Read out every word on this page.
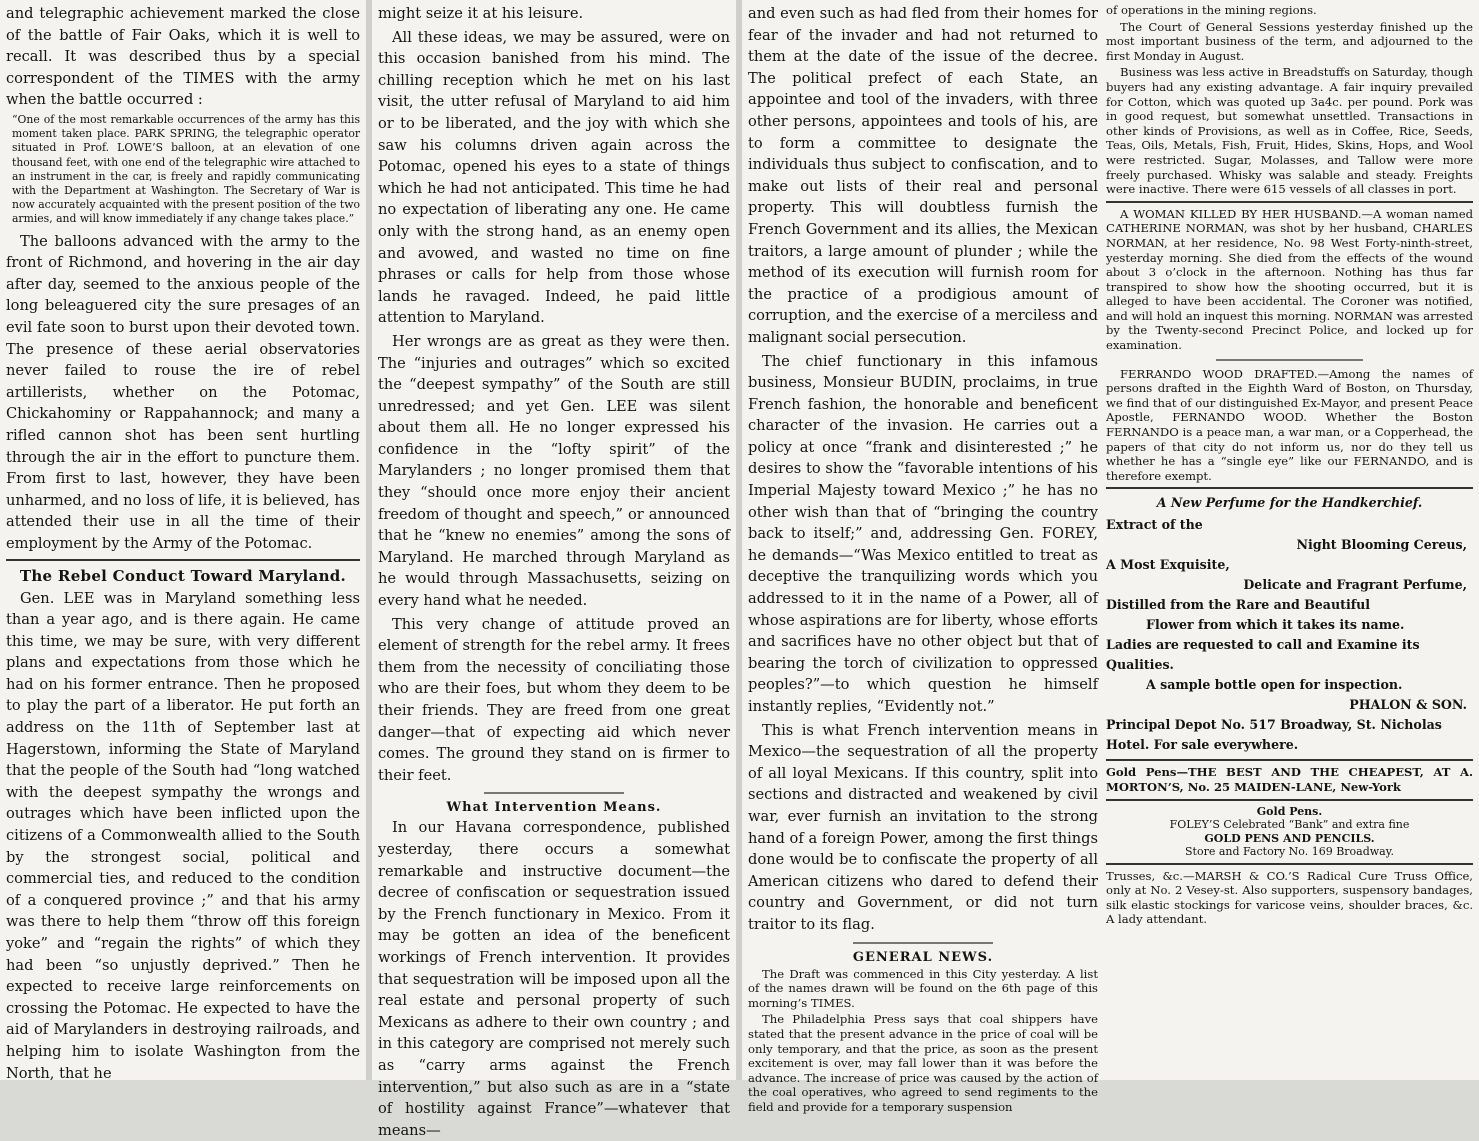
and telegraphic achievement marked the close of the battle of Fair Oaks, which it is well to recall. It was described thus by a special correspondent of the TIMES with the army when the battle occurred :

“One of the most remarkable occurrences of the army has this moment taken place. PARK SPRING, the telegraphic operator situated in Prof. LOWE’S balloon, at an elevation of one thousand feet, with one end of the telegraphic wire attached to an instrument in the car, is freely and rapidly communicating with the Department at Washington. The Secretary of War is now accurately acquainted with the present position of the two armies, and will know immediately if any change takes place.”

The balloons advanced with the army to the front of Richmond, and hovering in the air day after day, seemed to the anxious people of the long beleaguered city the sure presages of an evil fate soon to burst upon their devoted town. The presence of these aerial observatories never failed to rouse the ire of rebel artillerists, whether on the Potomac, Chickahominy or Rappahannock; and many a rifled cannon shot has been sent hurtling through the air in the effort to puncture them. From first to last, however, they have been unharmed, and no loss of life, it is believed, has attended their use in all the time of their employment by the Army of the Potomac.

The Rebel Conduct Toward Maryland.

Gen. LEE was in Maryland something less than a year ago, and is there again. He came this time, we may be sure, with very different plans and expectations from those which he had on his former entrance. Then he proposed to play the part of a liberator. He put forth an address on the 11th of September last at Hagerstown, informing the State of Maryland that the people of the South had “long watched with the deepest sympathy the wrongs and outrages which have been inflicted upon the citizens of a Commonwealth allied to the South by the strongest social, political and commercial ties, and reduced to the condition of a conquered province ;” and that his army was there to help them “throw off this foreign yoke” and “regain the rights” of which they had been “so unjustly deprived.” Then he expected to receive large reinforcements on crossing the Potomac. He expected to have the aid of Marylanders in destroying railroads, and helping him to isolate Washington from the North, that he

might seize it at his leisure.

All these ideas, we may be assured, were on this occasion banished from his mind. The chilling reception which he met on his last visit, the utter refusal of Maryland to aid him or to be liberated, and the joy with which she saw his columns driven again across the Potomac, opened his eyes to a state of things which he had not anticipated. This time he had no expectation of liberating any one. He came only with the strong hand, as an enemy open and avowed, and wasted no time on fine phrases or calls for help from those whose lands he ravaged. Indeed, he paid little attention to Maryland.

Her wrongs are as great as they were then. The “injuries and outrages” which so excited the “deepest sympathy” of the South are still unredressed; and yet Gen. LEE was silent about them all. He no longer expressed his confidence in the “lofty spirit” of the Marylanders ; no longer promised them that they “should once more enjoy their ancient freedom of thought and speech,” or announced that he “knew no enemies” among the sons of Maryland. He marched through Maryland as he would through Massachusetts, seizing on every hand what he needed.

This very change of attitude proved an element of strength for the rebel army. It frees them from the necessity of conciliating those who are their foes, but whom they deem to be their friends. They are freed from one great danger—that of expecting aid which never comes. The ground they stand on is firmer to their feet.

What Intervention Means.

In our Havana correspondence, published yesterday, there occurs a somewhat remarkable and instructive document—the decree of confiscation or sequestration issued by the French functionary in Mexico. From it may be gotten an idea of the beneficent workings of French intervention. It provides that sequestration will be imposed upon all the real estate and personal property of such Mexicans as adhere to their own country ; and in this category are comprised not merely such as “carry arms against the French intervention,” but also such as are in a “state of hostility against France”—whatever that means—

and even such as had fled from their homes for fear of the invader and had not returned to them at the date of the issue of the decree. The political prefect of each State, an appointee and tool of the invaders, with three other persons, appointees and tools of his, are to form a committee to designate the individuals thus subject to confiscation, and to make out lists of their real and personal property. This will doubtless furnish the French Government and its allies, the Mexican traitors, a large amount of plunder ; while the method of its execution will furnish room for the practice of a prodigious amount of corruption, and the exercise of a merciless and malignant social persecution.

The chief functionary in this infamous business, Monsieur BUDIN, proclaims, in true French fashion, the honorable and beneficent character of the invasion. He carries out a policy at once “frank and disinterested ;” he desires to show the “favorable intentions of his Imperial Majesty toward Mexico ;” he has no other wish than that of “bringing the country back to itself;” and, addressing Gen. FOREY, he demands—“Was Mexico entitled to treat as deceptive the tranquilizing words which you addressed to it in the name of a Power, all of whose aspirations are for liberty, whose efforts and sacrifices have no other object but that of bearing the torch of civilization to oppressed peoples?”—to which question he himself instantly replies, “Evidently not.”

This is what French intervention means in Mexico—the sequestration of all the property of all loyal Mexicans. If this country, split into sections and distracted and weakened by civil war, ever furnish an invitation to the strong hand of a foreign Power, among the first things done would be to confiscate the property of all American citizens who dared to defend their country and Government, or did not turn traitor to its flag.

GENERAL NEWS.

The Draft was commenced in this City yesterday. A list of the names drawn will be found on the 6th page of this morning’s TIMES.

The Philadelphia Press says that coal shippers have stated that the present advance in the price of coal will be only temporary, and that the price, as soon as the present excitement is over, may fall lower than it was before the advance. The increase of price was caused by the action of the coal operatives, who agreed to send regiments to the field and provide for a temporary suspension

of operations in the mining regions.

The Court of General Sessions yesterday finished up the most important business of the term, and adjourned to the first Monday in August.

Business was less active in Breadstuffs on Saturday, though buyers had any existing advantage. A fair inquiry prevailed for Cotton, which was quoted up 3a4c. per pound. Pork was in good request, but somewhat unsettled. Transactions in other kinds of Provisions, as well as in Coffee, Rice, Seeds, Teas, Oils, Metals, Fish, Fruit, Hides, Skins, Hops, and Wool were restricted. Sugar, Molasses, and Tallow were more freely purchased. Whisky was salable and steady. Freights were inactive. There were 615 vessels of all classes in port.

A WOMAN KILLED BY HER HUSBAND.—A woman named CATHERINE NORMAN, was shot by her husband, CHARLES NORMAN, at her residence, No. 98 West Forty-ninth-street, yesterday morning. She died from the effects of the wound about 3 o’clock in the afternoon. Nothing has thus far transpired to show how the shooting occurred, but it is alleged to have been accidental. The Coroner was notified, and will hold an inquest this morning. NORMAN was arrested by the Twenty-second Precinct Police, and locked up for examination.

FERRANDO WOOD DRAFTED.—Among the names of persons drafted in the Eighth Ward of Boston, on Thursday, we find that of our distinguished Ex-Mayor, and present Peace Apostle, FERNANDO WOOD. Whether the Boston FERNANDO is a peace man, a war man, or a Copperhead, the papers of that city do not inform us, nor do they tell us whether he has a “single eye” like our FERNANDO, and is therefore exempt.

A New Perfume for the Handkerchief.
Extract of the
Night Blooming Cereus,
A Most Exquisite,
Delicate and Fragrant Perfume,
Distilled from the Rare and Beautiful
Flower from which it takes its name.
Ladies are requested to call and Examine its Qualities.
A sample bottle open for inspection.
PHALON & SON.
Principal Depot No. 517 Broadway, St. Nicholas Hotel. For sale everywhere.

Gold Pens—THE BEST AND THE CHEAPEST, AT A. MORTON’S, No. 25 MAIDEN-LANE, New-York

Gold Pens.
FOLEY’S Celebrated “Bank” and extra fine
GOLD PENS AND PENCILS.
Store and Factory No. 169 Broadway.

Trusses, &c.—MARSH & CO.’S Radical Cure Truss Office, only at No. 2 Vesey-st. Also supporters, suspensory bandages, silk elastic stockings for varicose veins, shoulder braces, &c. A lady attendant.
